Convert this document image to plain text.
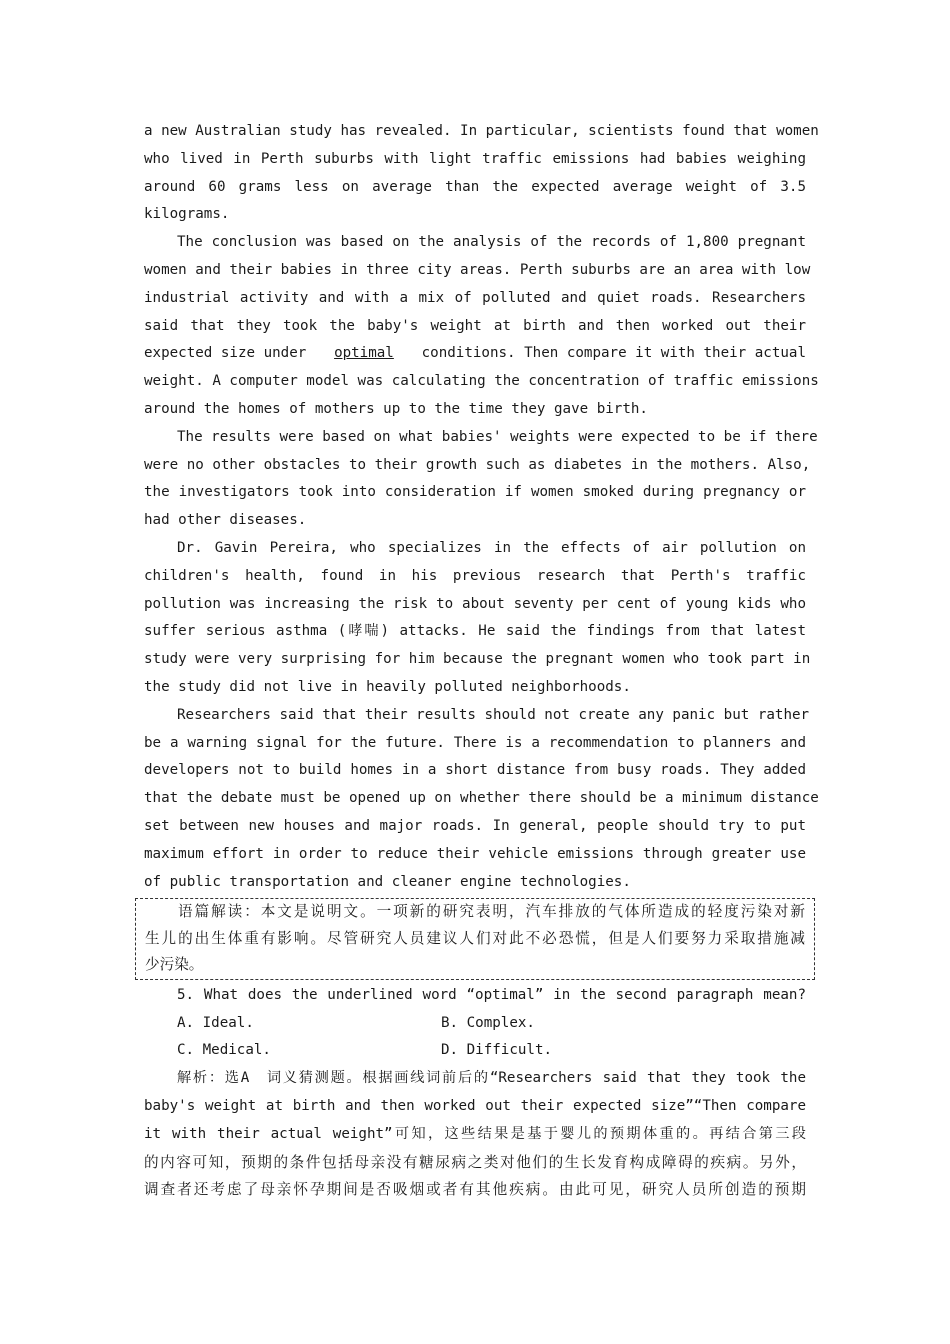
a new Australian study has revealed. In particular, scientists found that women
who lived in Perth suburbs with light traffic emissions had babies weighing
around 60 grams less on average than the expected average weight of 3.5
kilograms.
The conclusion was based on the analysis of the records of 1,800 pregnant
women and their babies in three city areas. Perth suburbs are an area with low
industrial activity and with a mix of polluted and quiet roads. Researchers
said that they took the baby's weight at birth and then worked out their
expected size under optimal conditions. Then compare it with their actual
weight. A computer model was calculating the concentration of traffic emissions
around the homes of mothers up to the time they gave birth.
The results were based on what babies' weights were expected to be if there
were no other obstacles to their growth such as diabetes in the mothers. Also,
the investigators took into consideration if women smoked during pregnancy or
had other diseases.
Dr. Gavin Pereira, who specializes in the effects of air pollution on
children's health, found in his previous research that Perth's traffic
pollution was increasing the risk to about seventy per cent of young kids who
suffer serious asthma (哮喘) attacks. He said the findings from that latest
study were very surprising for him because the pregnant women who took part in
the study did not live in heavily polluted neighborhoods.
Researchers said that their results should not create any panic but rather
be a warning signal for the future. There is a recommendation to planners and
developers not to build homes in a short distance from busy roads. They added
that the debate must be opened up on whether there should be a minimum distance
set between new houses and major roads. In general, people should try to put
maximum effort in order to reduce their vehicle emissions through greater use
of public transportation and cleaner engine technologies.
语篇解读：本文是说明文。一项新的研究表明，汽车排放的气体所造成的轻度污染对新
生儿的出生体重有影响。尽管研究人员建议人们对此不必恐慌，但是人们要努力采取措施减
少污染。
5. What does the underlined word “optimal” in the second paragraph mean?
A. Ideal.	B. Complex.
C. Medical.	D. Difficult.
解析：选A　词义猜测题。根据画线词前后的“Researchers said that they took the
baby's weight at birth and then worked out their expected size”“Then compare
it with their actual weight”可知，这些结果是基于婴儿的预期体重的。再结合第三段
的内容可知，预期的条件包括母亲没有糖尿病之类对他们的生长发育构成障碍的疾病。另外，
调查者还考虑了母亲怀孕期间是否吸烟或者有其他疾病。由此可见，研究人员所创造的预期
